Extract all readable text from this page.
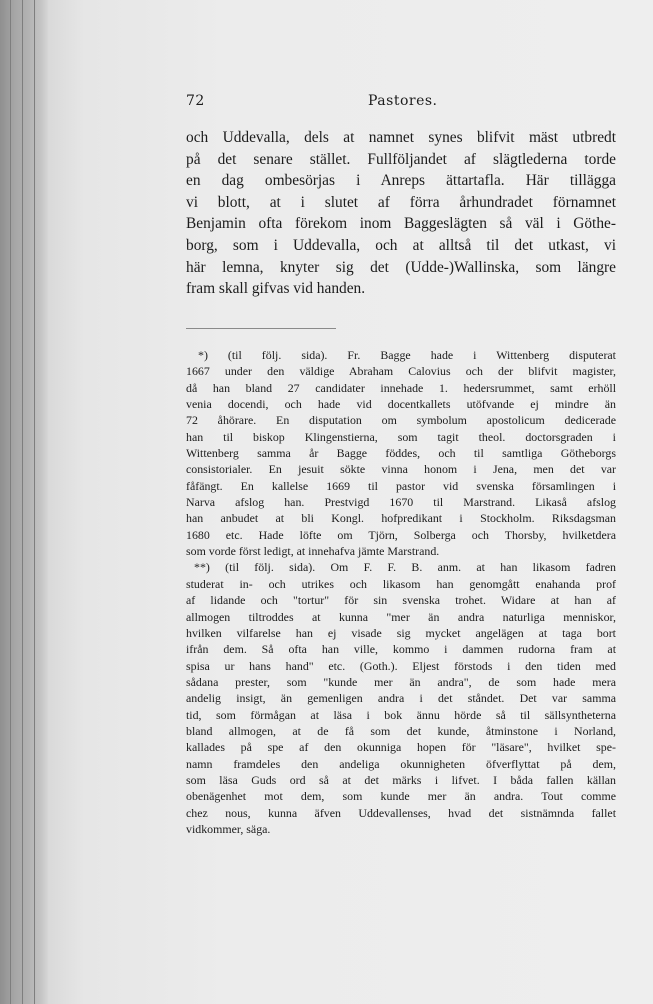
72	Pastores.
och Uddevalla, dels at namnet synes blifvit mäst utbredt
på det senare stället. Fullföljandet af slägtlederna torde
en dag ombesörjas i Anreps ättartafla. Här tillägga
vi blott, at i slutet af förra århundradet förnamnet
Benjamin ofta förekom inom Baggeslägten så väl i Göthe-
borg, som i Uddevalla, och at alltså til det utkast, vi
här lemna, knyter sig det (Udde-)Wallinska, som längre
fram skall gifvas vid handen.
*) (til följ. sida). Fr. Bagge hade i Wittenberg disputerat
1667 under den väldige Abraham Calovius och der blifvit magister,
då han bland 27 candidater innehade 1. hedersrummet, samt erhöll
venia docendi, och hade vid docentkallets utöfvande ej mindre än
72 åhörare. En disputation om symbolum apostolicum dedicerade
han til biskop Klingenstierna, som tagit theol. doctorsgraden i
Wittenberg samma år Bagge föddes, och til samtliga Götheborgs
consistorialer. En jesuit sökte vinna honom i Jena, men det var
fåfängt. En kallelse 1669 til pastor vid svenska församlingen i
Narva afslog han. Prestvigd 1670 til Marstrand. Likaså afslog
han anbudet at bli Kongl. hofpredikant i Stockholm. Riksdagsman
1680 etc. Hade löfte om Tjörn, Solberga och Thorsby, hvilketdera
som vorde först ledigt, at innehafva jämte Marstrand.
**) (til följ. sida). Om F. F. B. anm. at han likasom fadren
studerat in- och utrikes och likasom han genomgått enahanda prof
af lidande och "tortur" för sin svenska trohet. Widare at han af
allmogen tiltroddes at kunna "mer än andra naturliga menniskor,
hvilken vilfarelse han ej visade sig mycket angelägen at taga bort
ifrån dem. Så ofta han ville, kommo i dammen rudorna fram at
spisa ur hans hand" etc. (Goth.). Eljest förstods i den tiden med
sådana prester, som "kunde mer än andra", de som hade mera
andelig insigt, än gemenligen andra i det ståndet. Det var samma
tid, som förmågan at läsa i bok ännu hörde så til sällsyntheterna
bland allmogen, at de få som det kunde, åtminstone i Norland,
kallades på spe af den okunniga hopen för "läsare", hvilket spe-
namn framdeles den andeliga okunnigheten öfverflyttat på dem,
som läsa Guds ord så at det märks i lifvet. I båda fallen källan
obenägenhet mot dem, som kunde mer än andra. Tout comme
chez nous, kunna äfven Uddevallenses, hvad det sistnämnda fallet
vidkommer, säga.
